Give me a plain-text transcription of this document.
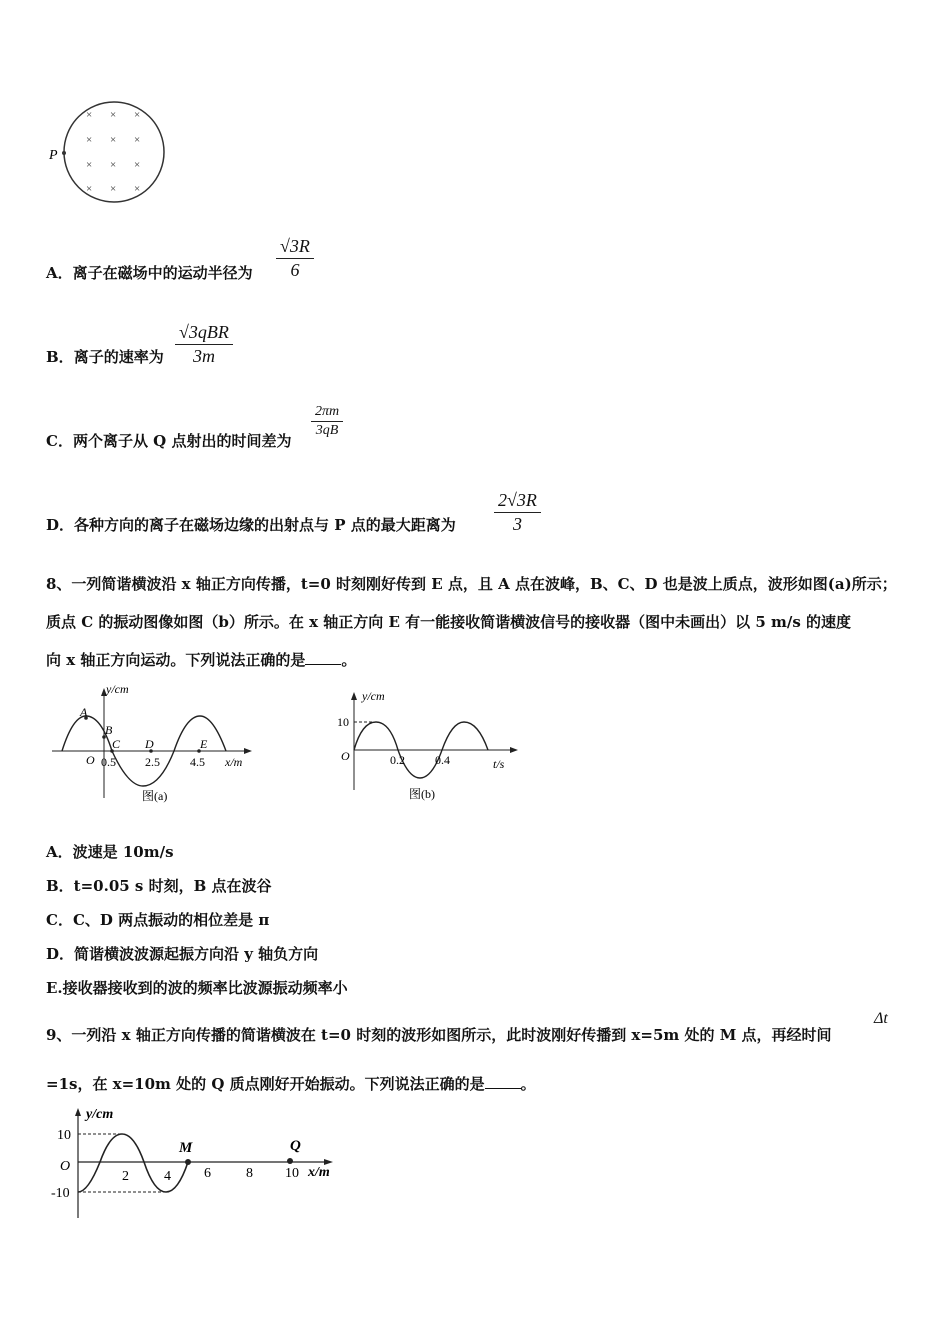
P
× × ×
× × ×
× × ×
× × ×
A．离子在磁场中的运动半径为 $\frac{√3R}{6}$
B．离子的速率为
√3qBR
3m
C．两个离子从 Q 点射出的时间差为
$\frac{2\pi m}{3qB}$
D．各种方向的离子在磁场边缘的出射点与 P 点的最大距离为 $\frac{2√3R}{3}$
8、一列简谐横波沿 x 轴正方向传播，t=0 时刻刚好传到 E 点，且 A 点在波峰，B、C、D 也是波上质点，波形如图(a)所示；
质点 C 的振动图像如图（b）所示。在 x 轴正方向 E 有一能接收简谐横波信号的接收器（图中未画出）以 5 m/s 的速度
向 x 轴正方向运动。下列说法正确的是 。
y/cm
x/m
O
A
B
C D	E
0.5 2.5	4.5
图(a)
y/cm
t/s
O
10
0.2	0.4
图(b)
A．波速是 10m/s
B．t=0.05 s 时刻，B 点在波谷
C．C、D 两点振动的相位差是 π
D．简谐横波波源起振方向沿 y 轴负方向
E.接收器接收到的波的频率比波源振动频率小
9、一列沿 x 轴正方向传播的简谐横波在 t=0 时刻的波形如图所示，此时波刚好传播到 x=5m 处的 M 点，再经时间
Δt
=1s，在 x=10m 处的 Q 质点刚好开始振动。下列说法正确的是 。
y/cm
x/m
O
10
-10
2	4 6	8 10
M	Q
